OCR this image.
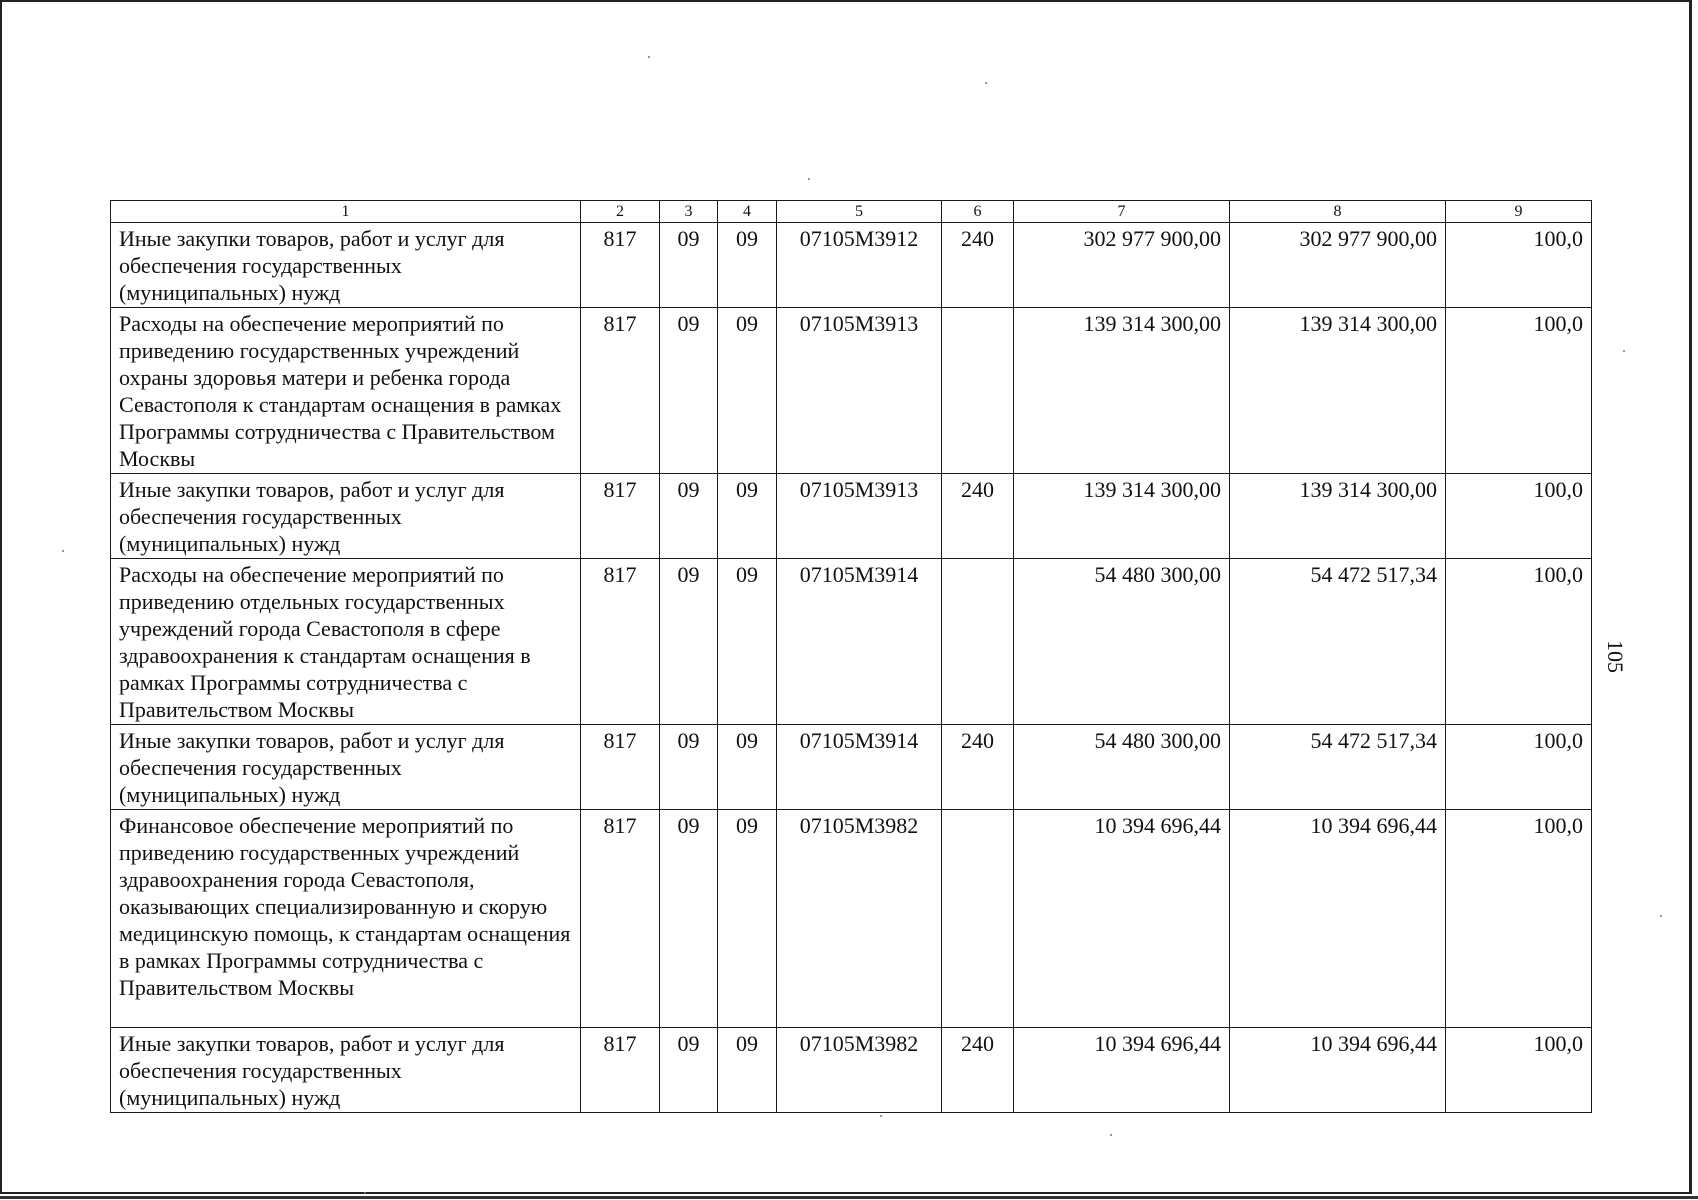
1	2	3	4	5	6	7	8	9
Иные закупки товаров, работ и услуг для обеспечения государственных (муниципальных) нужд	817	09	09	07105М3912	240	302 977 900,00	302 977 900,00	100,0
Расходы на обеспечение мероприятий по приведению государственных учреждений охраны здоровья матери и ребенка города Севастополя к стандартам оснащения в рамках Программы сотрудничества с Правительством Москвы	817	09	09	07105М3913		139 314 300,00	139 314 300,00	100,0
Иные закупки товаров, работ и услуг для обеспечения государственных (муниципальных) нужд	817	09	09	07105М3913	240	139 314 300,00	139 314 300,00	100,0
Расходы на обеспечение мероприятий по приведению отдельных государственных учреждений города Севастополя в сфере здравоохранения к стандартам оснащения в рамках Программы сотрудничества с Правительством Москвы	817	09	09	07105М3914		54 480 300,00	54 472 517,34	100,0
Иные закупки товаров, работ и услуг для обеспечения государственных (муниципальных) нужд	817	09	09	07105М3914	240	54 480 300,00	54 472 517,34	100,0
Финансовое обеспечение мероприятий по приведению государственных учреждений здравоохранения города Севастополя, оказывающих специализированную и скорую медицинскую помощь, к стандартам оснащения в рамках Программы сотрудничества с Правительством Москвы	817	09	09	07105М3982		10 394 696,44	10 394 696,44	100,0
Иные закупки товаров, работ и услуг для обеспечения государственных (муниципальных) нужд	817	09	09	07105М3982	240	10 394 696,44	10 394 696,44	100,0
105
